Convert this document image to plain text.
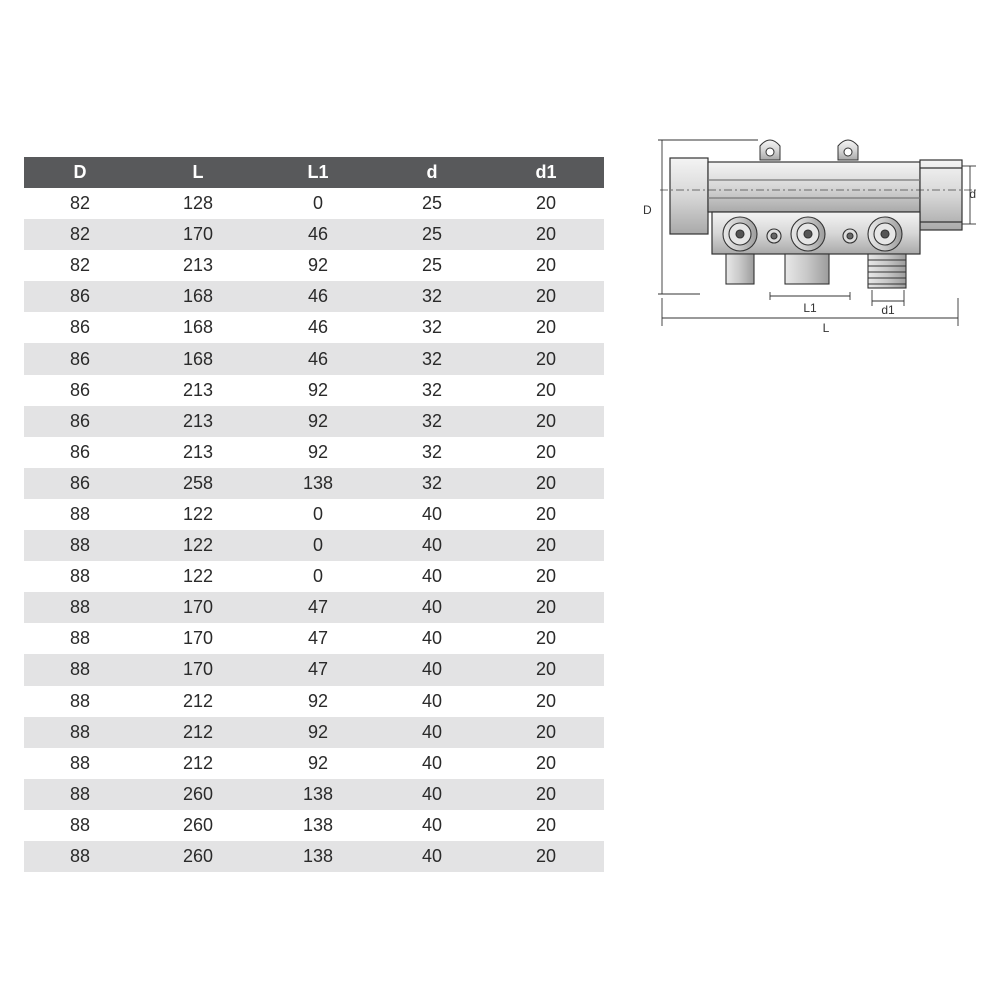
D	L	L1	d	d1
82	128	0	25	20
82	170	46	25	20
82	213	92	25	20
86	168	46	32	20
86	168	46	32	20
86	168	46	32	20
86	213	92	32	20
86	213	92	32	20
86	213	92	32	20
86	258	138	32	20
88	122	0	40	20
88	122	0	40	20
88	122	0	40	20
88	170	47	40	20
88	170	47	40	20
88	170	47	40	20
88	212	92	40	20
88	212	92	40	20
88	212	92	40	20
88	260	138	40	20
88	260	138	40	20
88	260	138	40	20
D
d
L1	d1
L
